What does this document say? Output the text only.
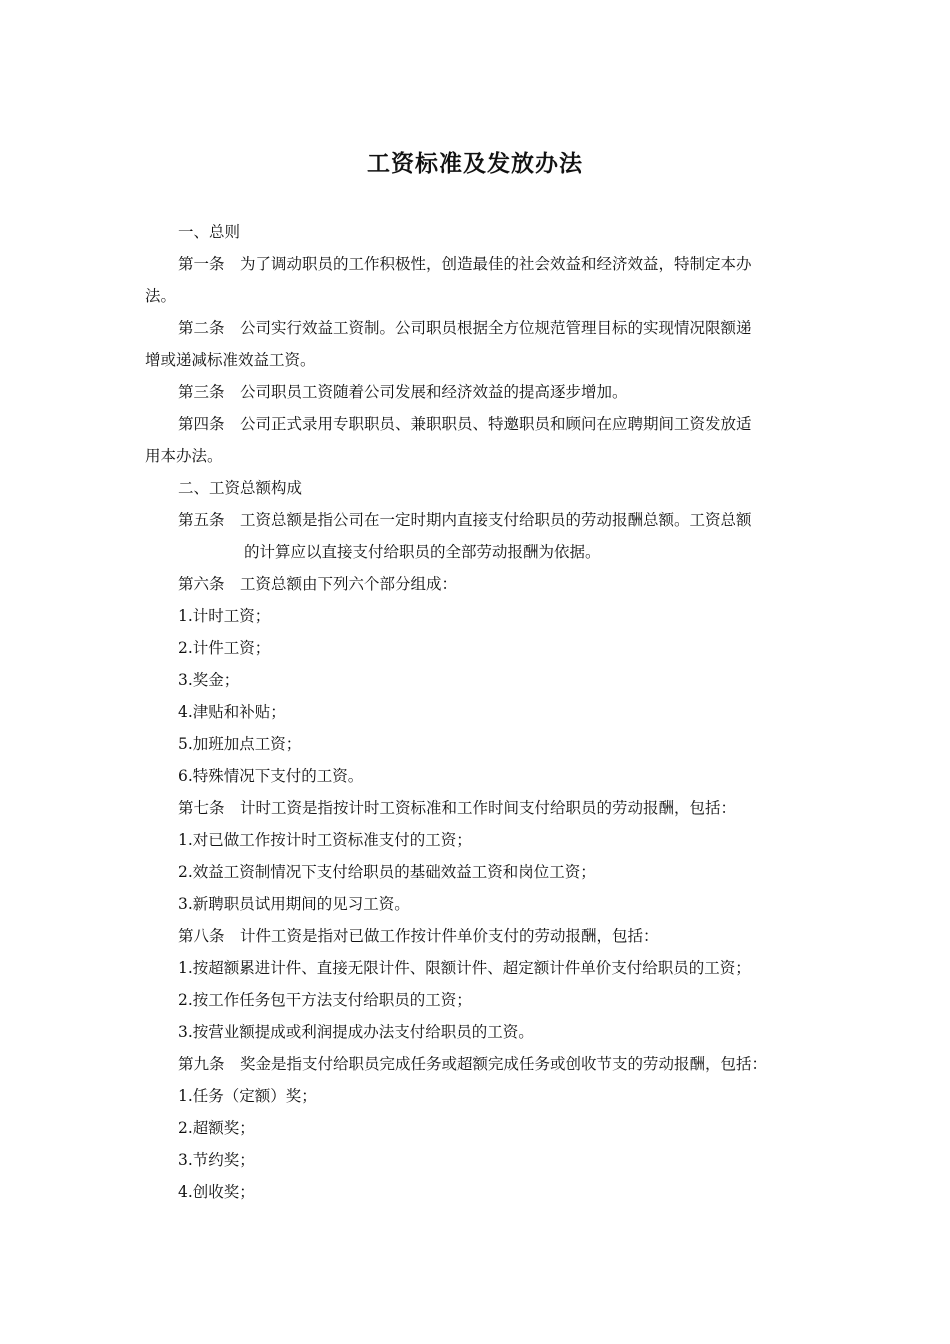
工资标准及发放办法
一、总则
第一条　为了调动职员的工作积极性，创造最佳的社会效益和经济效益，特制定本办
法。
第二条　公司实行效益工资制。公司职员根据全方位规范管理目标的实现情况限额递
增或递减标准效益工资。
第三条　公司职员工资随着公司发展和经济效益的提高逐步增加。
第四条　公司正式录用专职职员、兼职职员、特邀职员和顾问在应聘期间工资发放适
用本办法。
二、工资总额构成
第五条　工资总额是指公司在一定时期内直接支付给职员的劳动报酬总额。工资总额
的计算应以直接支付给职员的全部劳动报酬为依据。
第六条　工资总额由下列六个部分组成：
1.计时工资；
2.计件工资；
3.奖金；
4.津贴和补贴；
5.加班加点工资；
6.特殊情况下支付的工资。
第七条　计时工资是指按计时工资标准和工作时间支付给职员的劳动报酬，包括：
1.对已做工作按计时工资标准支付的工资；
2.效益工资制情况下支付给职员的基础效益工资和岗位工资；
3.新聘职员试用期间的见习工资。
第八条　计件工资是指对已做工作按计件单价支付的劳动报酬，包括：
1.按超额累进计件、直接无限计件、限额计件、超定额计件单价支付给职员的工资；
2.按工作任务包干方法支付给职员的工资；
3.按营业额提成或利润提成办法支付给职员的工资。
第九条　奖金是指支付给职员完成任务或超额完成任务或创收节支的劳动报酬，包括：
1.任务（定额）奖；
2.超额奖；
3.节约奖；
4.创收奖；
